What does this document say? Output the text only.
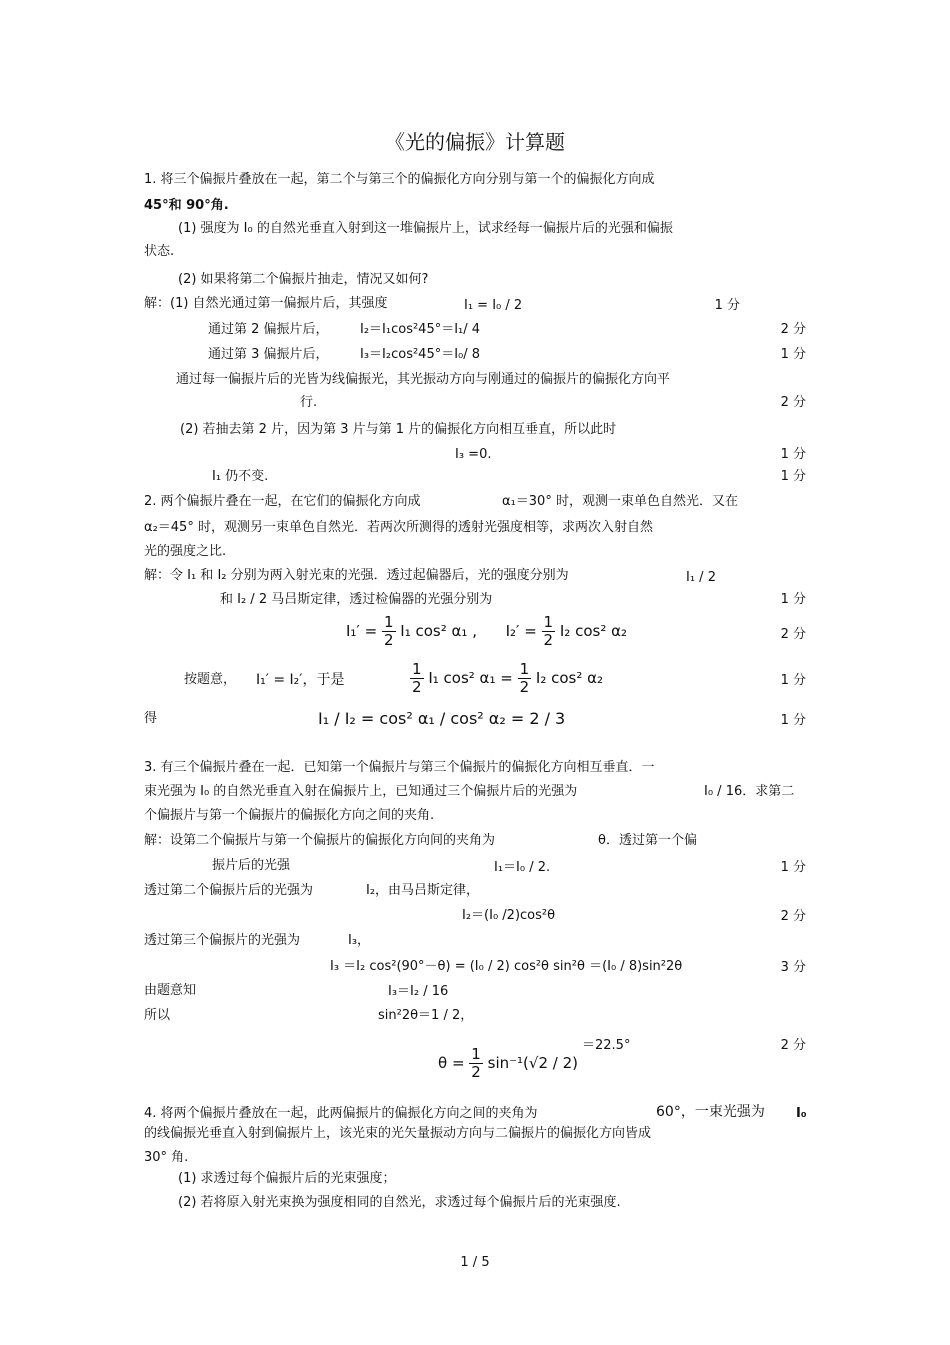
《光的偏振》计算题
1. 将三个偏振片叠放在一起，第二个与第三个的偏振化方向分别与第一个的偏振化方向成
45°和 90°角.
(1) 强度为 I₀ 的自然光垂直入射到这一堆偏振片上，试求经每一偏振片后的光强和偏振
状态.
(2) 如果将第二个偏振片抽走，情况又如何?
解：(1) 自然光通过第一偏振片后，其强度	I₁ = I₀ / 2	1 分
通过第 2 偏振片后， I₂＝I₁cos²45°＝I₁/ 4	2 分
通过第 3 偏振片后， I₃＝I₂cos²45°＝I₀/ 8	1 分
通过每一偏振片后的光皆为线偏振光，其光振动方向与刚通过的偏振片的偏振化方向平
行.	2 分
(2) 若抽去第 2 片，因为第 3 片与第 1 片的偏振化方向相互垂直，所以此时
I₃ =0.	1 分
I₁ 仍不变.	1 分
2. 两个偏振片叠在一起，在它们的偏振化方向成	α₁＝30° 时，观测一束单色自然光．又在
α₂＝45° 时，观测另一束单色自然光．若两次所测得的透射光强度相等，求两次入射自然
光的强度之比.
解：令 I₁ 和 I₂ 分别为两入射光束的光强．透过起偏器后，光的强度分别为	I₁ / 2
和 I₂ / 2 马吕斯定律，透过检偏器的光强分别为	1 分
$I_1' = \frac{1}{2} I_1$ cos² α₁ , $I_2' = \frac{1}{2} I_2$ cos² α₂	2 分
按题意， I₁′ = I₂′，于是	$\frac{1}{2} I_1$ cos² $\alpha_1 = \frac{1}{2} I_2$ cos² α₂	1 分
得	I₁ / I₂ = cos² α₁ / cos² α₂ = 2 / 3	1 分
3. 有三个偏振片叠在一起．已知第一个偏振片与第三个偏振片的偏振化方向相互垂直．一
束光强为 I₀ 的自然光垂直入射在偏振片上，已知通过三个偏振片后的光强为	I₀ / 16．求第二
个偏振片与第一个偏振片的偏振化方向之间的夹角.
解：设第二个偏振片与第一个偏振片的偏振化方向间的夹角为	θ．透过第一个偏
振片后的光强	I₁＝I₀ / 2.	1 分
透过第二个偏振片后的光强为	I₂，由马吕斯定律，
I₂＝(I₀ /2)cos²θ	2 分
透过第三个偏振片的光强为	I₃，
I₃ ＝I₂ cos²(90°－θ) = (I₀ / 2) cos²θ sin²θ ＝(I₀ / 8)sin²2θ	3 分
由题意知	I₃＝I₂ / 16
所以	sin²2θ＝1 / 2，
＝22.5°	2 分
$\theta = \frac{1}{2} \sin^{-1}(√2 / 2)$
4. 将两个偏振片叠放在一起，此两偏振片的偏振化方向之间的夹角为	60°，一束光强为 I₀
的线偏振光垂直入射到偏振片上，该光束的光矢量振动方向与二偏振片的偏振化方向皆成
30° 角.
(1) 求透过每个偏振片后的光束强度；
(2) 若将原入射光束换为强度相同的自然光，求透过每个偏振片后的光束强度.
1 / 5
